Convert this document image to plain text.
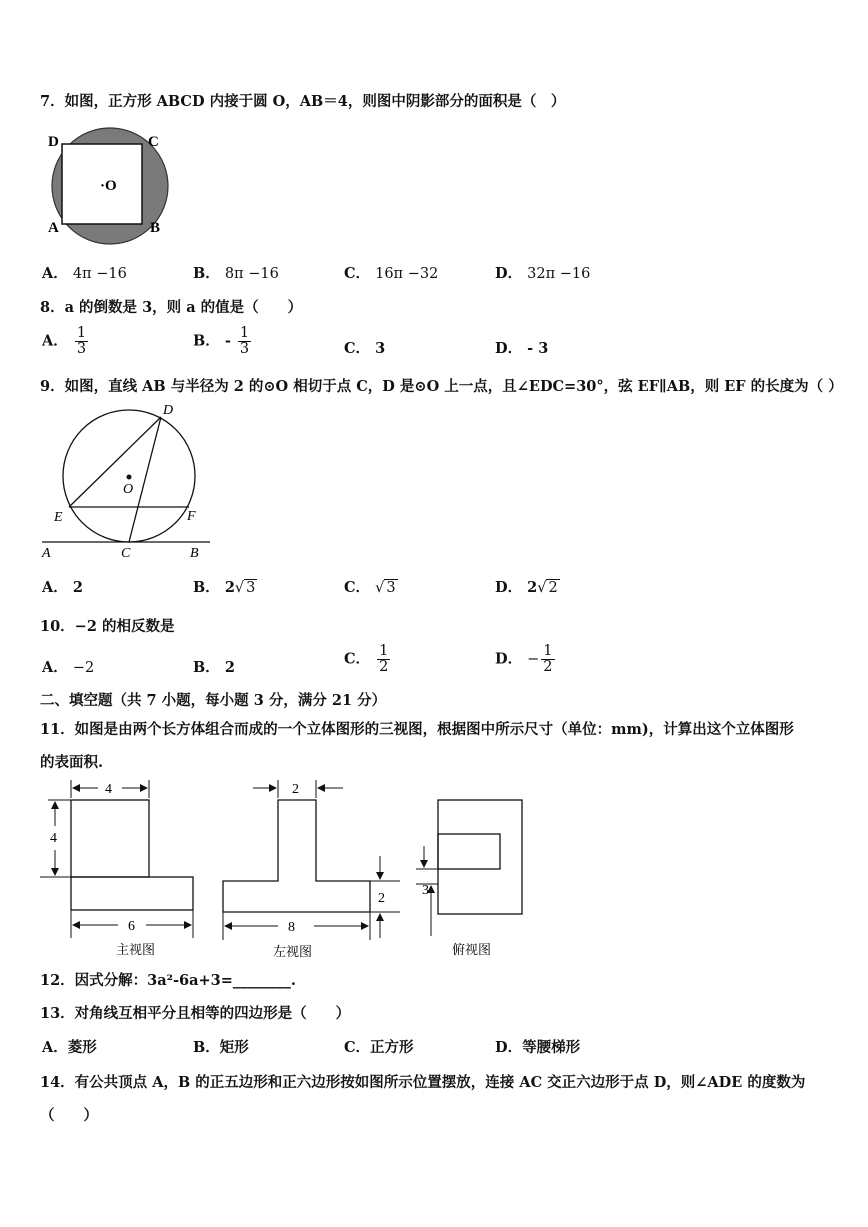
7．如图，正方形 ABCD 内接于圆 O，AB＝4，则图中阴影部分的面积是（　）
D	C
A	B
·O
A． 4π −16	B． 8π −16	C． 16π −32	D． 32π −16
8．a 的倒数是 3，则 a 的值是（　　）
A． $\frac{1}{3}$	B． - $\frac{1}{3}$	C． 3	D． - 3
9．如图，直线 AB 与半径为 2 的⊙O 相切于点 C，D 是⊙O 上一点，且∠EDC=30°，弦 EF∥AB，则 EF 的长度为（ ）
D
O
E	F
A	C	B
A． 2	B． 2√ 3	C． √ 3	D． 2√ 2
10．−2 的相反数是
A． −2	B． 2	C． $\frac{1}{2}$	D． − $\frac{1}{2}$
二、填空题（共 7 小题，每小题 3 分，满分 21 分）
11．如图是由两个长方体组合而成的一个立体图形的三视图，根据图中所示尺寸（单位：mm)，计算出这个立体图形
的表面积.
4
4
6
主视图
2
2
8
左视图
3
俯视图
12．因式分解：3a²-6a+3=________.
13．对角线互相平分且相等的四边形是（　　）
A．菱形	B．矩形	C．正方形	D．等腰梯形
14．有公共顶点 A，B 的正五边形和正六边形按如图所示位置摆放，连接 AC 交正六边形于点 D，则∠ADE 的度数为
（　　）
